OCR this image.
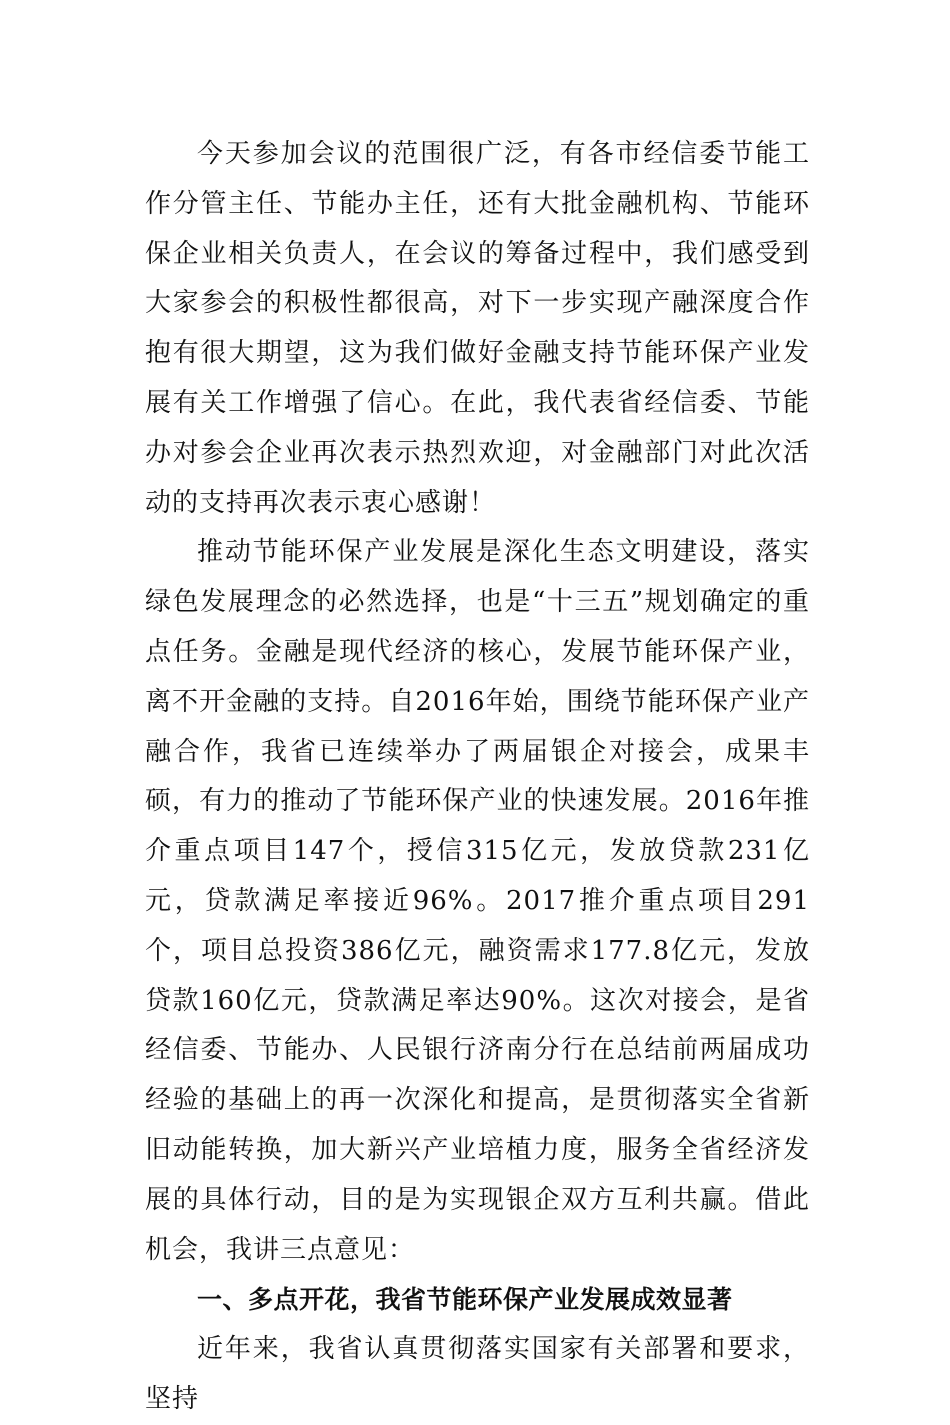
今天参加会议的范围很广泛，有各市经信委节能工作分管主任、节能办主任，还有大批金融机构、节能环保企业相关负责人，在会议的筹备过程中，我们感受到大家参会的积极性都很高，对下一步实现产融深度合作抱有很大期望，这为我们做好金融支持节能环保产业发展有关工作增强了信心。在此，我代表省经信委、节能办对参会企业再次表示热烈欢迎，对金融部门对此次活动的支持再次表示衷心感谢！

推动节能环保产业发展是深化生态文明建设，落实绿色发展理念的必然选择，也是“十三五”规划确定的重点任务。金融是现代经济的核心，发展节能环保产业，离不开金融的支持。自2016年始，围绕节能环保产业产融合作，我省已连续举办了两届银企对接会，成果丰硕，有力的推动了节能环保产业的快速发展。2016年推介重点项目147个，授信315亿元，发放贷款231亿元，贷款满足率接近96%。2017推介重点项目291个，项目总投资386亿元，融资需求177.8亿元，发放贷款160亿元，贷款满足率达90%。这次对接会，是省经信委、节能办、人民银行济南分行在总结前两届成功经验的基础上的再一次深化和提高，是贯彻落实全省新旧动能转换，加大新兴产业培植力度，服务全省经济发展的具体行动，目的是为实现银企双方互利共赢。借此机会，我讲三点意见：

一、多点开花，我省节能环保产业发展成效显著

近年来，我省认真贯彻落实国家有关部署和要求，坚持
